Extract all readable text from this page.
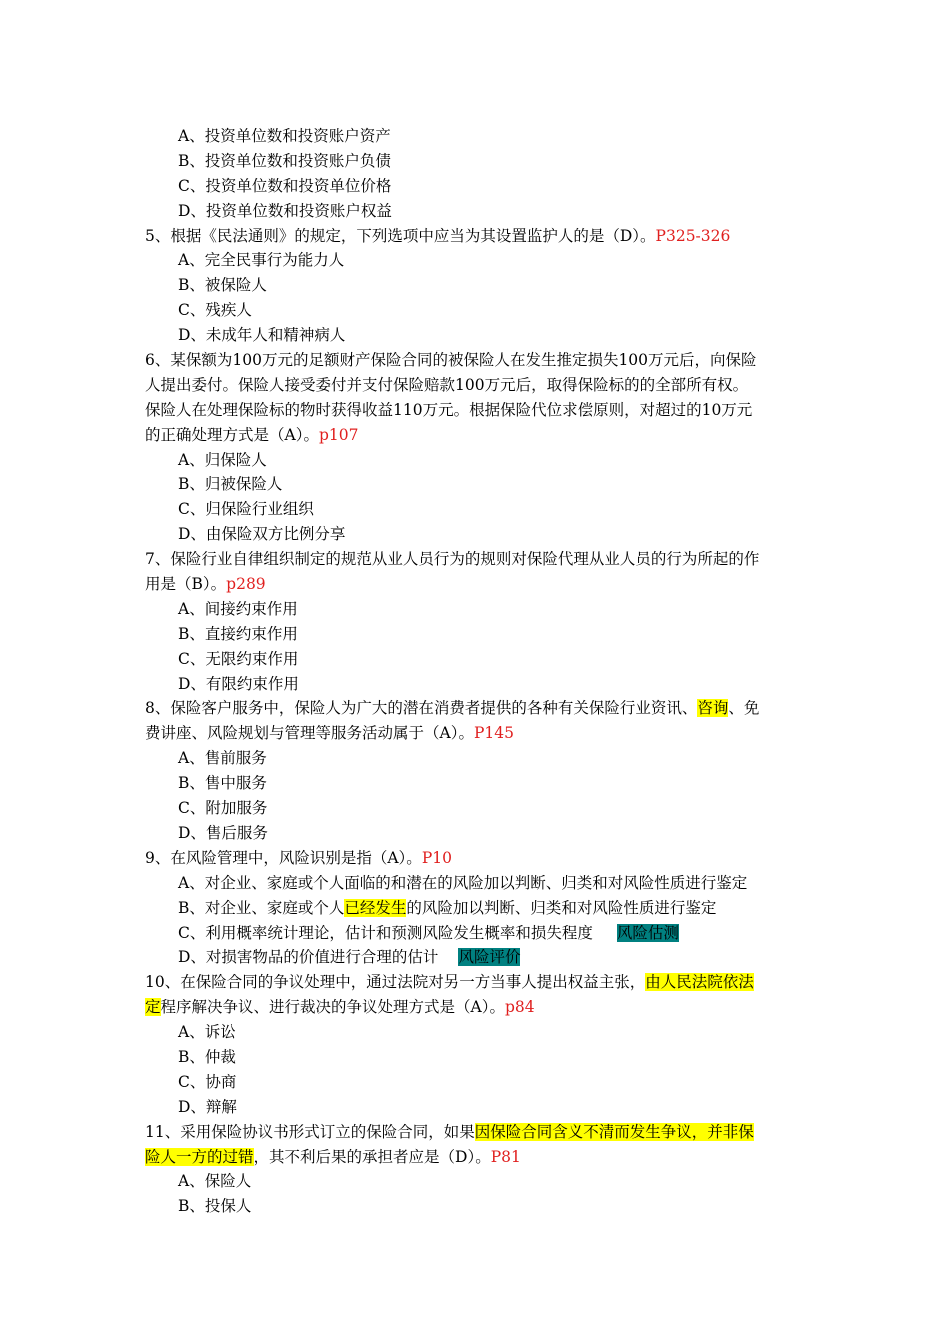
A、投资单位数和投资账户资产
B、投资单位数和投资账户负债
C、投资单位数和投资单位价格
D、投资单位数和投资账户权益
5、根据《民法通则》的规定，下列选项中应当为其设置监护人的是（D）。P325-326
A、完全民事行为能力人
B、被保险人
C、残疾人
D、未成年人和精神病人
6、某保额为100万元的足额财产保险合同的被保险人在发生推定损失100万元后，向保险
人提出委付。保险人接受委付并支付保险赔款100万元后，取得保险标的的全部所有权。
保险人在处理保险标的物时获得收益110万元。根据保险代位求偿原则，对超过的10万元
的正确处理方式是（A）。p107
A、归保险人
B、归被保险人
C、归保险行业组织
D、由保险双方比例分享
7、保险行业自律组织制定的规范从业人员行为的规则对保险代理从业人员的行为所起的作
用是（B）。p289
A、间接约束作用
B、直接约束作用
C、无限约束作用
D、有限约束作用
8、保险客户服务中，保险人为广大的潜在消费者提供的各种有关保险行业资讯、咨询、免
费讲座、风险规划与管理等服务活动属于（A）。P145
A、售前服务
B、售中服务
C、附加服务
D、售后服务
9、在风险管理中，风险识别是指（A）。P10
A、对企业、家庭或个人面临的和潜在的风险加以判断、归类和对风险性质进行鉴定
B、对企业、家庭或个人已经发生的风险加以判断、归类和对风险性质进行鉴定
C、利用概率统计理论，估计和预测风险发生概率和损失程度 风险估测
D、对损害物品的价值进行合理的估计 风险评价
10、在保险合同的争议处理中，通过法院对另一方当事人提出权益主张，由人民法院依法
定程序解决争议、进行裁决的争议处理方式是（A）。p84
A、诉讼
B、仲裁
C、协商
D、辩解
11、采用保险协议书形式订立的保险合同，如果因保险合同含义不清而发生争议，并非保
险人一方的过错，其不利后果的承担者应是（D）。P81
A、保险人
B、投保人
